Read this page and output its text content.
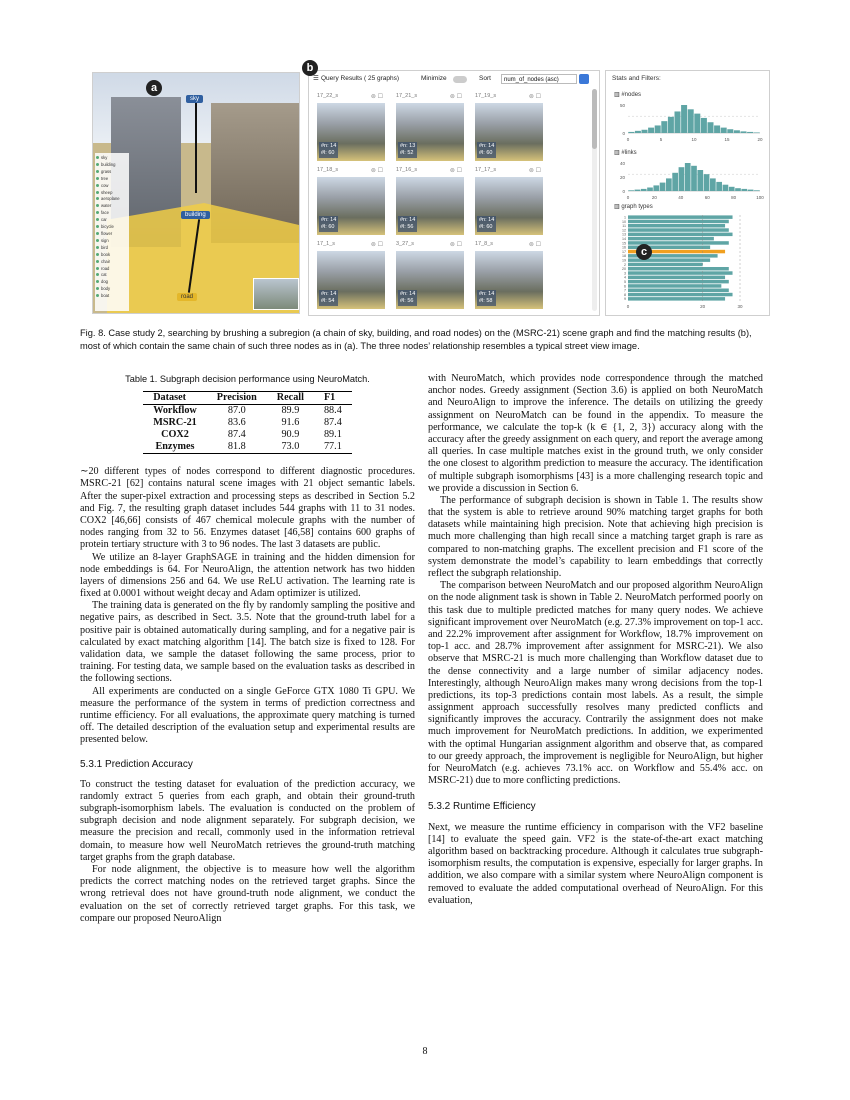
sky
building
grass
tree
cow
sheep
aeroplane
water
face
car
bicycle
flower
sign
bird
book
chair
road
cat
dog
body
boat
sky
building
road
a
☰ Query Results ( 25 graphs)	Minimize	Sort	num_of_nodes (asc)
17_22_s	⊚ ☐
#n: 14
#l: 60
17_21_s	⊚ ☐
#n: 13
#l: 52
17_19_s	⊚ ☐
#n: 14
#l: 60
17_18_s	⊚ ☐
#n: 14
#l: 60
17_16_s	⊚ ☐
#n: 14
#l: 56
17_17_s	⊚ ☐
#n: 14
#l: 60
17_1_s	⊚ ☐
#n: 14
#l: 54
3_27_s	⊚ ☐
#n: 14
#l: 56
17_8_s	⊚ ☐
#n: 14
#l: 58
b
Stats and Filters:
▥ #nodes
50
0
0	5	10	15	20
▥ #links
40
20
0
0	20	40	60	80	100
▥ graph types
1
10
11
12
13
14
15
16
17
18
19
2
20
3
4
5
6
7
8
9
0	20	30
c
Fig. 8. Case study 2, searching by brushing a subregion (a chain of sky, building, and road nodes) on the (MSRC-21) scene graph and find the matching results (b), most of which contain the same chain of such three nodes as in (a). The three nodes’ relationship resembles a typical street view image.
Table 1. Subgraph decision performance using NeuroMatch.
Dataset	Precision	Recall	F1
Workflow	87.0	89.9	88.4
MSRC-21	83.6	91.6	87.4
COX2	87.4	90.9	89.1
Enzymes	81.8	73.0	77.1

∼20 different types of nodes correspond to different diagnostic procedures. MSRC-21 [62] contains natural scene images with 21 object semantic labels. After the super-pixel extraction and processing steps as described in Section 5.2 and Fig. 7, the resulting graph dataset includes 544 graphs with 11 to 31 nodes. COX2 [46,66] consists of 467 chemical molecule graphs with the number of nodes ranging from 32 to 56. Enzymes dataset [46,58] contains 600 graphs of protein tertiary structure with 3 to 96 nodes. The last 3 datasets are public.

We utilize an 8-layer GraphSAGE in training and the hidden dimension for node embeddings is 64. For NeuroAlign, the attention network has two hidden layers of dimensions 256 and 64. We use ReLU activation. The learning rate is fixed at 0.0001 without weight decay and Adam optimizer is utilized.

The training data is generated on the fly by randomly sampling the positive and negative pairs, as described in Sect. 3.5. Note that the ground-truth label for a positive pair is obtained automatically during sampling, and for a negative pair is calculated by exact matching algorithm [14]. The batch size is fixed to 128. For validation data, we sample the dataset following the same process, prior to training. For testing data, we sample based on the evaluation tasks as described in the following sections.

All experiments are conducted on a single GeForce GTX 1080 Ti GPU. We measure the performance of the system in terms of prediction correctness and runtime efficiency. For all evaluations, the approximate query matching is turned off. The detailed description of the evaluation setup and experimental results are presented below.

5.3.1 Prediction Accuracy

To construct the testing dataset for evaluation of the prediction accuracy, we randomly extract 5 queries from each graph, and obtain their ground-truth subgraph-isomorphism labels. The evaluation is conducted on the problem of subgraph decision and node alignment separately. For subgraph decision, we measure the precision and recall, commonly used in the information retrieval domain, to measure how well NeuroMatch retrieves the ground-truth matching target graphs from the graph database.

For node alignment, the objective is to measure how well the algorithm predicts the correct matching nodes on the retrieved target graphs. Since the wrong retrieval does not have ground-truth node alignment, we conduct the evaluation on the set of correctly retrieved target graphs. For this task, we compare our proposed NeuroAlign

with NeuroMatch, which provides node correspondence through the matched anchor nodes. Greedy assignment (Section 3.6) is applied on both NeuroMatch and NeuroAlign to improve the inference. The details on utilizing the greedy assignment on NeuroMatch can be found in the appendix. To measure the performance, we calculate the top-k (k ∈ {1, 2, 3}) accuracy along with the accuracy after the greedy assignment on each query, and report the average among all queries. In case multiple matches exist in the ground truth, we only consider the one closest to algorithm prediction to measure the accuracy. The identification of multiple subgraph isomorphisms [43] is a more challenging research topic and we provide a discussion in Section 6.

The performance of subgraph decision is shown in Table 1. The results show that the system is able to retrieve around 90% matching target graphs for both datasets while maintaining high precision. Note that achieving high precision is much more challenging than high recall since a matching target graph is rare as compared to non-matching graphs. The excellent precision and F1 score of the system demonstrate the model’s capability to learn embeddings that correctly reflect the subgraph relationship.

The comparison between NeuroMatch and our proposed algorithm NeuroAlign on the node alignment task is shown in Table 2. NeuroMatch performed poorly on this task due to multiple predicted matches for many query nodes. We achieve significant improvement over NeuroMatch (e.g. 27.3% improvement on top-1 acc. and 22.2% improvement after assignment for Workflow, 18.7% improvement on top-1 acc. and 28.7% improvement after assignment for MSRC-21). We also observe that MSRC-21 is much more challenging than Workflow dataset due to the dense connectivity and a large number of similar adjacency nodes. Interestingly, although NeuroAlign makes many wrong decisions from the top-1 predictions, its top-3 predictions contain most labels. As a result, the simple assignment approach successfully resolves many predicted conflicts and significantly improves the accuracy. Contrarily the assignment does not make much improvement for NeuroMatch predictions. In addition, we experimented with the optimal Hungarian assignment algorithm and observe that, as compared to our greedy approach, the improvement is negligible for NeuroAlign, but higher for NeuroMatch (e.g. achieves 73.1% acc. on Workflow and 55.4% acc. on MSRC-21) due to more conflicting predictions.

5.3.2 Runtime Efficiency

Next, we measure the runtime efficiency in comparison with the VF2 baseline [14] to evaluate the speed gain. VF2 is the state-of-the-art exact matching algorithm based on backtracking procedure. Although it calculates true subgraph-isomorphism results, the computation is expensive, especially for larger graphs. In addition, we also compare with a similar system where NeuroAlign component is removed to evaluate the added computational overhead of NeuroAlign. For this evaluation,

8
